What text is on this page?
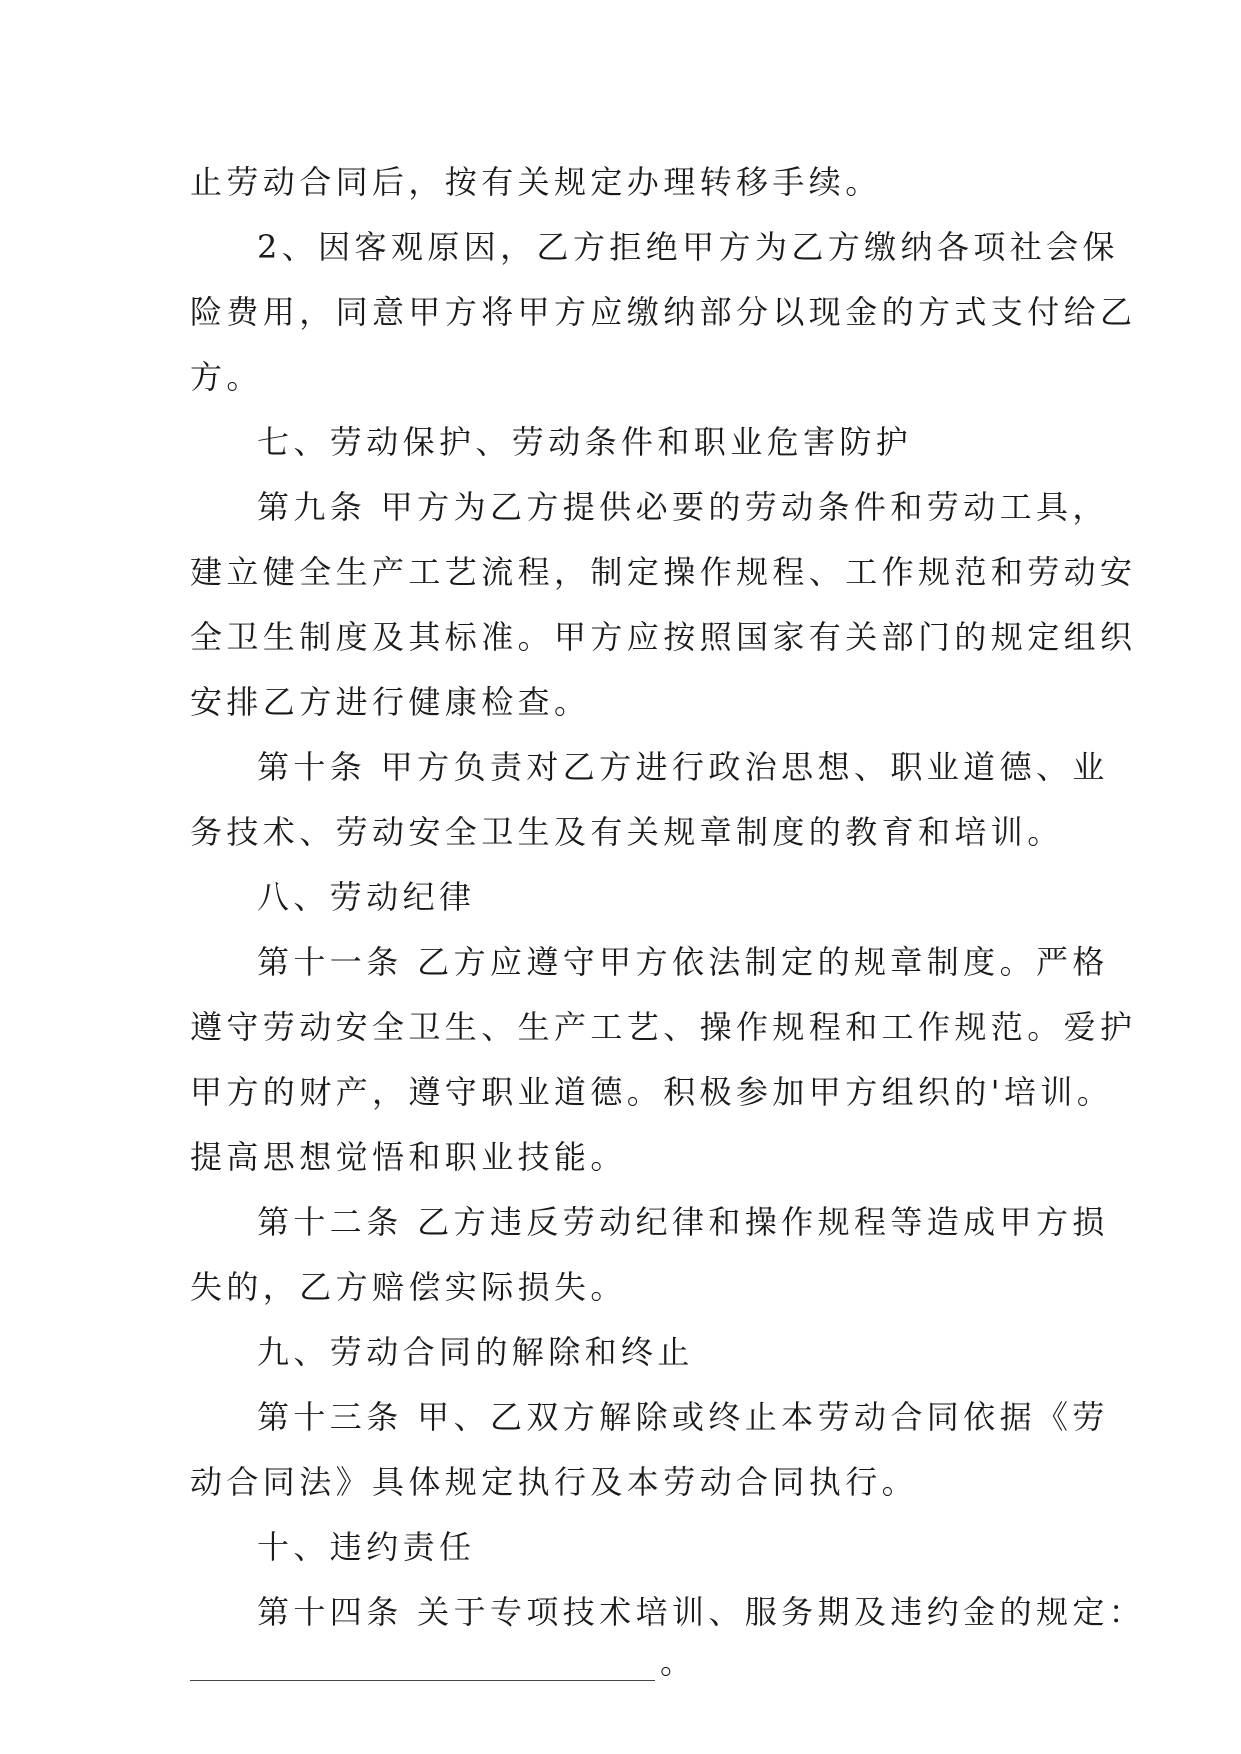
止劳动合同后，按有关规定办理转移手续。
2、因客观原因，乙方拒绝甲方为乙方缴纳各项社会保
险费用，同意甲方将甲方应缴纳部分以现金的方式支付给乙
方。
七、劳动保护、劳动条件和职业危害防护
第九条 甲方为乙方提供必要的劳动条件和劳动工具，
建立健全生产工艺流程，制定操作规程、工作规范和劳动安
全卫生制度及其标准。甲方应按照国家有关部门的规定组织
安排乙方进行健康检查。
第十条 甲方负责对乙方进行政治思想、职业道德、业
务技术、劳动安全卫生及有关规章制度的教育和培训。
八、劳动纪律
第十一条 乙方应遵守甲方依法制定的规章制度。严格
遵守劳动安全卫生、生产工艺、操作规程和工作规范。爱护
甲方的财产，遵守职业道德。积极参加甲方组织的'培训。
提高思想觉悟和职业技能。
第十二条 乙方违反劳动纪律和操作规程等造成甲方损
失的，乙方赔偿实际损失。
九、劳动合同的解除和终止
第十三条 甲、乙双方解除或终止本劳动合同依据《劳
动合同法》具体规定执行及本劳动合同执行。
十、违约责任
第十四条 关于专项技术培训、服务期及违约金的规定：
。
